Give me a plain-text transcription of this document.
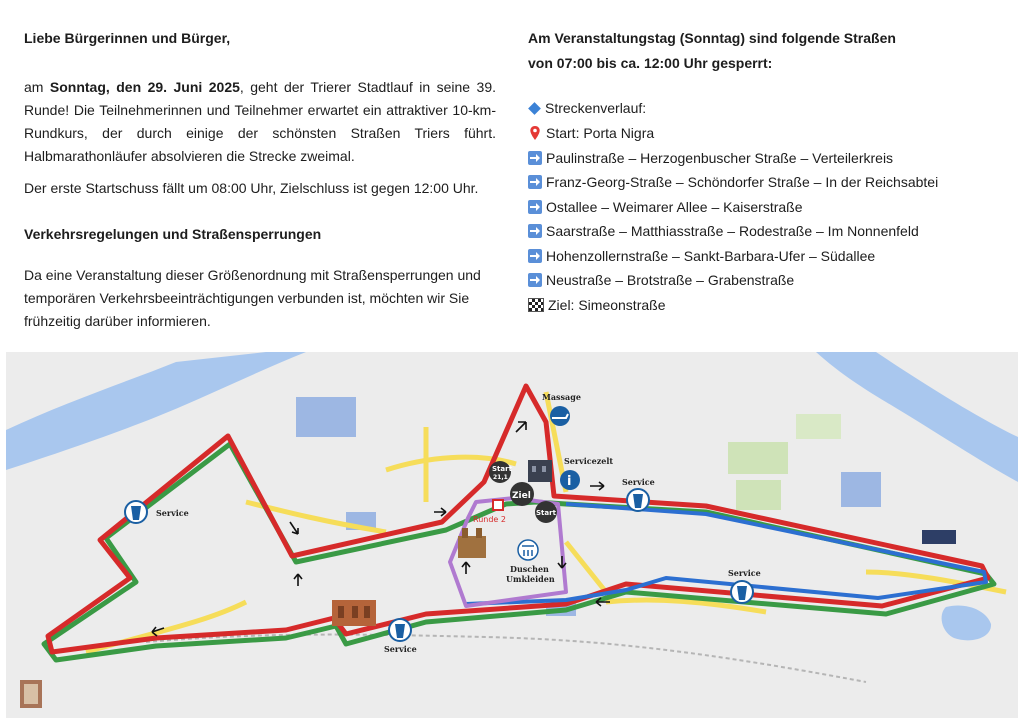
Liebe Bürgerinnen und Bürger,
am Sonntag, den 29. Juni 2025, geht der Trierer Stadtlauf in seine 39. Runde! Die Teilnehmerinnen und Teilnehmer erwartet ein attraktiver 10-km-Rundkurs, der durch einige der schönsten Straßen Triers führt. Halbmarathonläufer absolvieren die Strecke zweimal.
Der erste Startschuss fällt um 08:00 Uhr, Zielschluss ist gegen 12:00 Uhr.
Verkehrsregelungen und Straßensperrungen
Da eine Veranstaltung dieser Größenordnung mit Straßensperrungen und temporären Verkehrsbeeinträchtigungen verbunden ist, möchten wir Sie frühzeitig darüber informieren.
Am Veranstaltungstag (Sonntag) sind folgende Straßen
von 07:00 bis ca. 12:00 Uhr gesperrt:
Streckenverlauf:
Start: Porta Nigra
Paulinstraße – Herzogenbuscher Straße – Verteilerkreis
Franz-Georg-Straße – Schöndorfer Straße – In der Reichsabtei
Ostallee – Weimarer Allee – Kaiserstraße
Saarstraße – Matthiasstraße – Rodestraße – Im Nonnenfeld
Hohenzollernstraße – Sankt-Barbara-Ufer – Südallee
Neustraße – Brotstraße – Grabenstraße
Ziel: Simeonstraße
Massage
i
Servicezelt
Service
Service
Service
Service
Start
21,1
Ziel
Start
Runde 2
Duschen
Umkleiden
